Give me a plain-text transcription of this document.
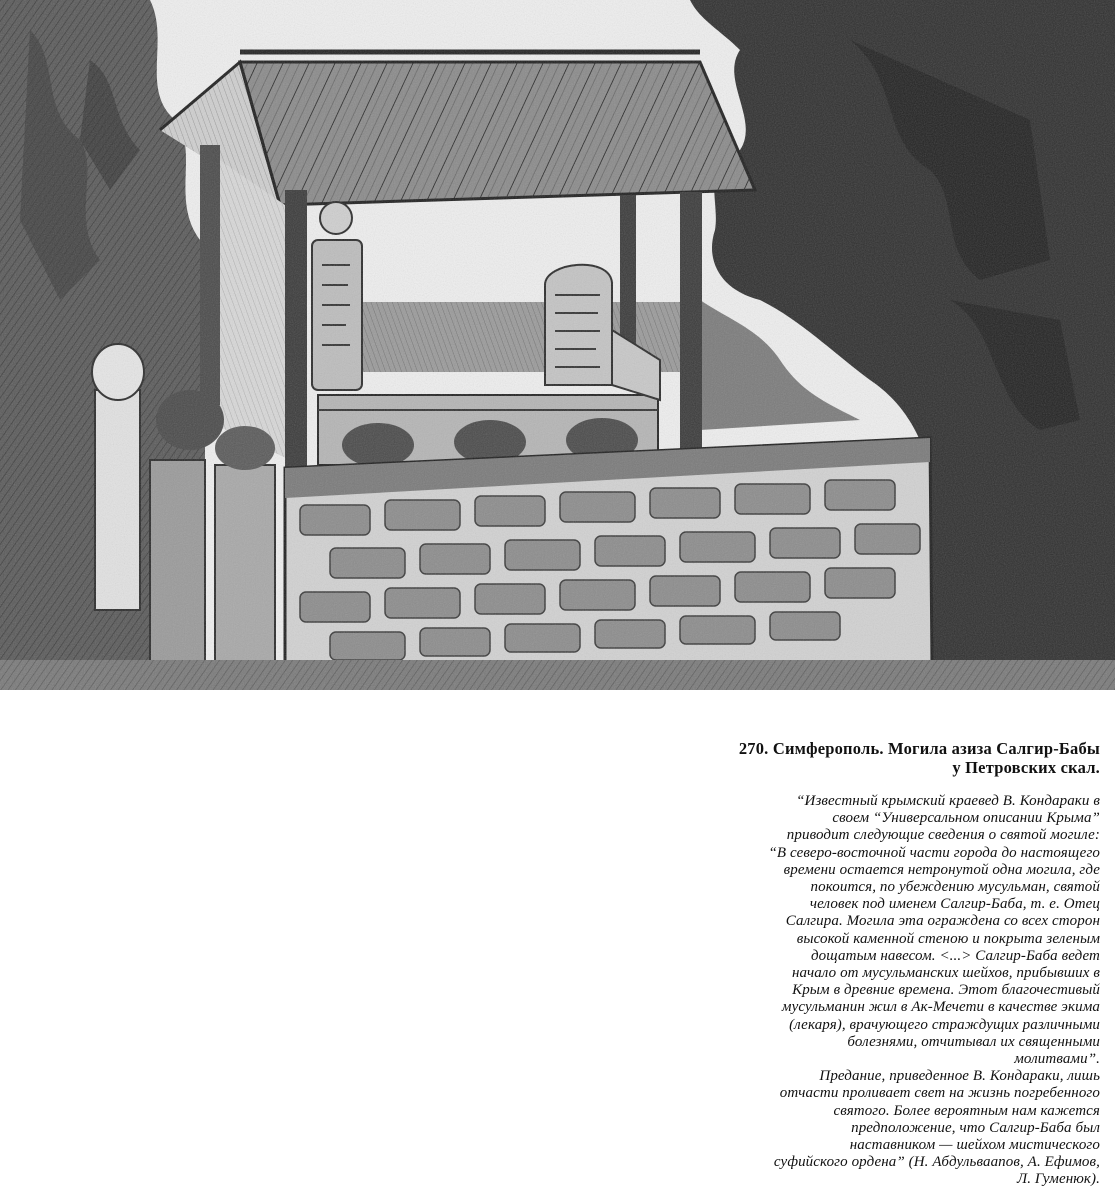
270. Симферополь. Могила азиза Салгир-Бабы
у Петровских скал.
“Известный крымский краевед В. Кондараки в
своем “Универсальном описании Крыма”
приводит следующие сведения о святой могиле:
“В северо-восточной части города до настоящего
времени остается нетронутой одна могила, где
покоится, по убеждению мусульман, святой
человек под именем Салгир-Баба, т. е. Отец
Салгира. Могила эта ограждена со всех сторон
высокой каменной стеною и покрыта зеленым
дощатым навесом. <...> Салгир-Баба ведет
начало от мусульманских шейхов, прибывших в
Крым в древние времена. Этот благочестивый
мусульманин жил в Ак-Мечети в качестве экима
(лекаря), врачующего страждущих различными
болезнями, отчитывал их священными
молитвами”.
Предание, приведенное В. Кондараки, лишь
отчасти проливает свет на жизнь погребенного
святого. Более вероятным нам кажется
предположение, что Салгир-Баба был
наставником — шейхом мистического
суфийского ордена” (Н. Абдульваапов, А. Ефимов,
Л. Гуменюк).
